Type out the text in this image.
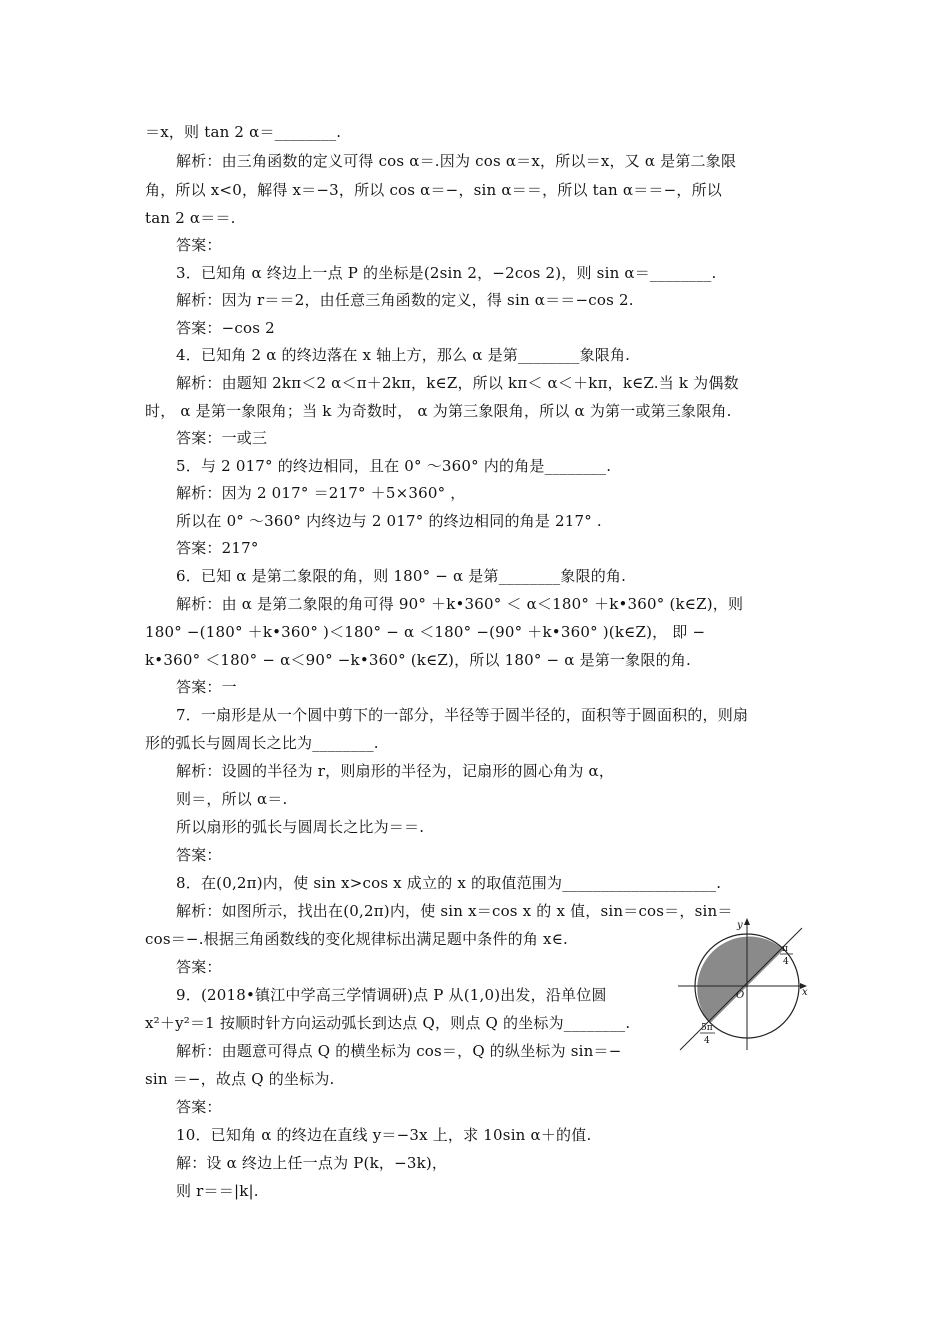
＝x，则 tan 2 α＝________.
解析：由三角函数的定义可得 cos α＝.因为 cos α＝x，所以＝x，又 α 是第二象限
角，所以 x<0，解得 x＝−3，所以 cos α＝−，sin α＝＝，所以 tan α＝＝−，所以
tan 2 α＝＝.
答案：
3．已知角 α 终边上一点 P 的坐标是(2sin 2，−2cos 2)，则 sin α＝________.
解析：因为 r＝＝2，由任意三角函数的定义，得 sin α＝＝−cos 2.
答案：−cos 2
4．已知角 2 α 的终边落在 x 轴上方，那么 α 是第________象限角.
解析：由题知 2kπ＜2 α＜π＋2kπ，k∈Z，所以 kπ＜ α＜＋kπ，k∈Z.当 k 为偶数
时， α 是第一象限角；当 k 为奇数时， α 为第三象限角，所以 α 为第一或第三象限角.
答案：一或三
5．与 2 017° 的终边相同，且在 0° ～360° 内的角是________.
解析：因为 2 017° ＝217° ＋5×360° ，
所以在 0° ～360° 内终边与 2 017° 的终边相同的角是 217° .
答案：217°
6．已知 α 是第二象限的角，则 180° − α 是第________象限的角.
解析：由 α 是第二象限的角可得 90° ＋k•360° ＜ α＜180° ＋k•360° (k∈Z)，则
180° −(180° ＋k•360° )＜180° − α ＜180° −(90° ＋k•360° )(k∈Z)， 即 −
k•360° ＜180° − α＜90° −k•360° (k∈Z)，所以 180° − α 是第一象限的角.
答案：一
7．一扇形是从一个圆中剪下的一部分，半径等于圆半径的，面积等于圆面积的，则扇
形的弧长与圆周长之比为________.
解析：设圆的半径为 r，则扇形的半径为，记扇形的圆心角为 α，
则＝，所以 α＝.
所以扇形的弧长与圆周长之比为＝＝.
答案：
8．在(0,2π)内，使 sin x>cos x 成立的 x 的取值范围为____________________.
解析：如图所示，找出在(0,2π)内，使 sin x＝cos x 的 x 值，sin＝cos＝，sin＝
cos＝−.根据三角函数线的变化规律标出满足题中条件的角 x∈.
答案：
9．(2018•镇江中学高三学情调研)点 P 从(1,0)出发，沿单位圆
x²＋y²＝1 按顺时针方向运动弧长到达点 Q，则点 Q 的坐标为________.
解析：由题意可得点 Q 的横坐标为 cos＝，Q 的纵坐标为 sin＝−
sin ＝−，故点 Q 的坐标为.
答案：
10．已知角 α 的终边在直线 y＝−3x 上，求 10sin α＋的值.
解：设 α 终边上任一点为 P(k，−3k)，
则 r＝＝|k|.
y
x
O
π
4
5π
4
